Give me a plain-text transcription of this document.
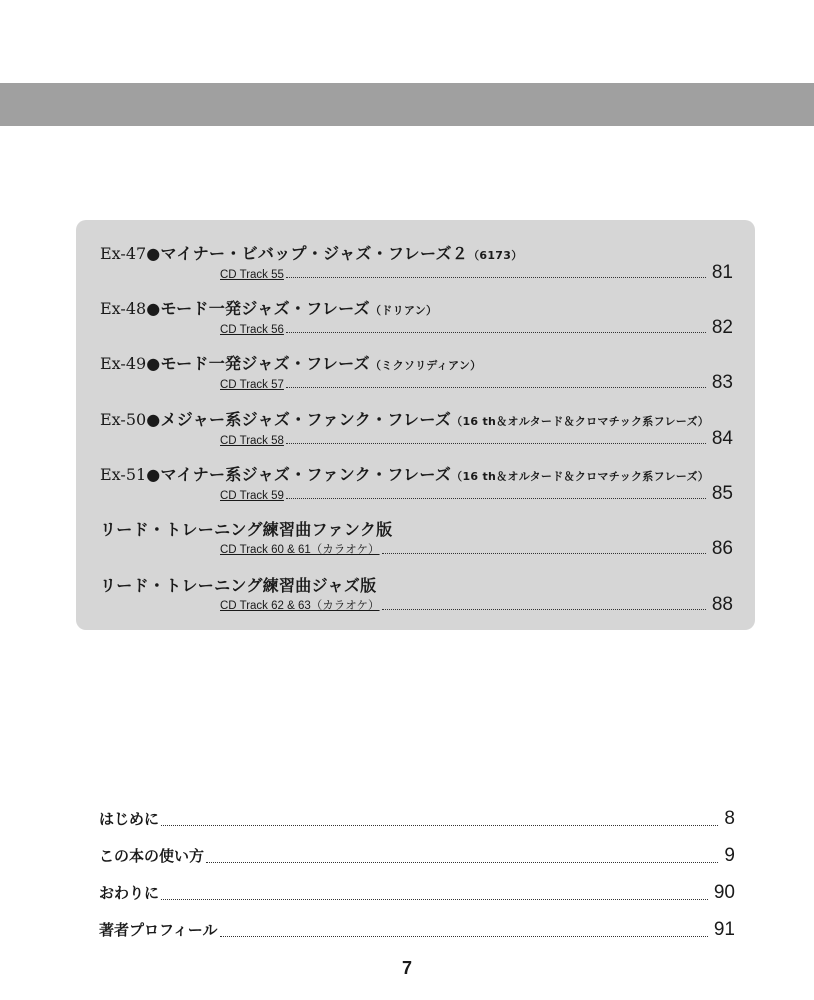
Ex-47●マイナー・ビバップ・ジャズ・フレーズ２（6173）
CD Track 55	81
Ex-48●モード一発ジャズ・フレーズ（ドリアン）
CD Track 56	82
Ex-49●モード一発ジャズ・フレーズ（ミクソリディアン）
CD Track 57	83
Ex-50●メジャー系ジャズ・ファンク・フレーズ（16 th＆オルタード＆クロマチック系フレーズ）
CD Track 58	84
Ex-51●マイナー系ジャズ・ファンク・フレーズ（16 th＆オルタード＆クロマチック系フレーズ）
CD Track 59	85
リード・トレーニング練習曲ファンク版
CD Track 60 & 61（カラオケ）	86
リード・トレーニング練習曲ジャズ版
CD Track 62 & 63（カラオケ）	88
はじめに	8
この本の使い方	9
おわりに	90
著者プロフィール	91
7
